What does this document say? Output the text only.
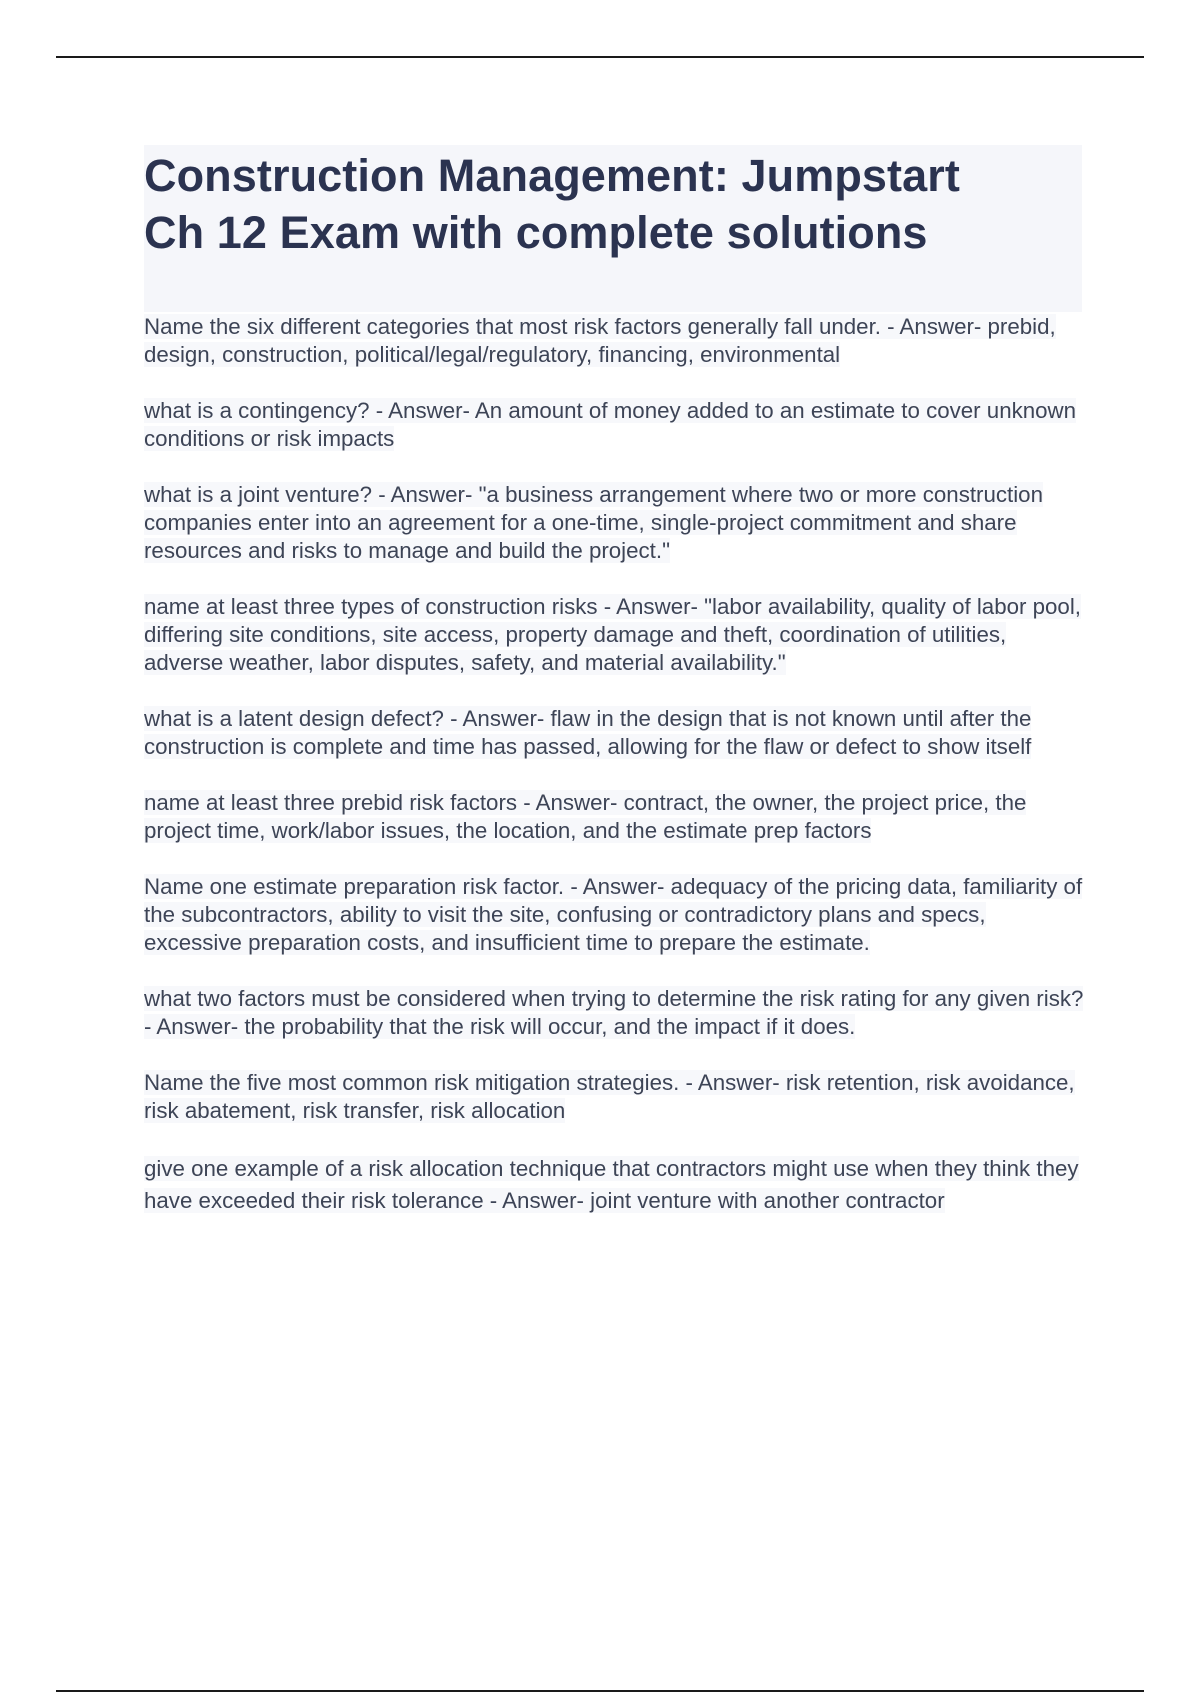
Construction Management: Jumpstart
Ch 12 Exam with complete solutions

Name the six different categories that most risk factors generally fall under. - Answer- prebid, design, construction, political/legal/regulatory, financing, environmental

what is a contingency? - Answer- An amount of money added to an estimate to cover unknown conditions or risk impacts

what is a joint venture? - Answer- "a business arrangement where two or more construction companies enter into an agreement for a one-time, single-project commitment and share resources and risks to manage and build the project."

name at least three types of construction risks - Answer- "labor availability, quality of labor pool, differing site conditions, site access, property damage and theft, coordination of utilities, adverse weather, labor disputes, safety, and material availability."

what is a latent design defect? - Answer- flaw in the design that is not known until after the construction is complete and time has passed, allowing for the flaw or defect to show itself

name at least three prebid risk factors - Answer- contract, the owner, the project price, the project time, work/labor issues, the location, and the estimate prep factors

Name one estimate preparation risk factor. - Answer- adequacy of the pricing data, familiarity of the subcontractors, ability to visit the site, confusing or contradictory plans and specs, excessive preparation costs, and insufficient time to prepare the estimate.

what two factors must be considered when trying to determine the risk rating for any given risk? - Answer- the probability that the risk will occur, and the impact if it does.

Name the five most common risk mitigation strategies. - Answer- risk retention, risk avoidance, risk abatement, risk transfer, risk allocation

give one example of a risk allocation technique that contractors might use when they think they have exceeded their risk tolerance - Answer- joint venture with another contractor
